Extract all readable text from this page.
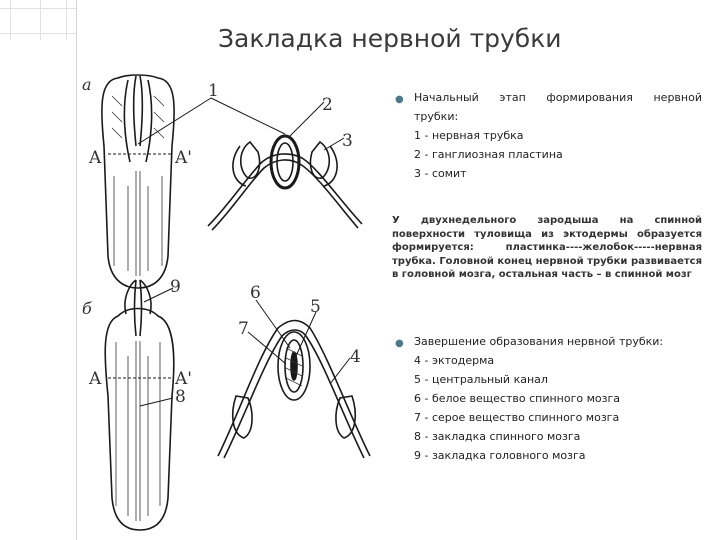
Закладка нервной трубки
а
б
A	A'
A	A'
1
2
3
4
5
6
7
8
9
● Начальный этап формирования нервной
трубки:
1 - нервная трубка
2 - ганглиозная пластина
3 - сомит
У двухнедельного зародыша на спинной поверхности туловища из эктодермы образуется формируется: пластинка----желобок-----нервная трубка. Головной конец нервной трубки развивается в головной мозга, остальная часть – в спинной мозг
● Завершение образования нервной трубки:
4 - эктодерма
5 - центральный канал
6 - белое вещество спинного мозга
7 - серое вещество спинного мозга
8 - закладка спинного мозга
9 - закладка головного мозга
